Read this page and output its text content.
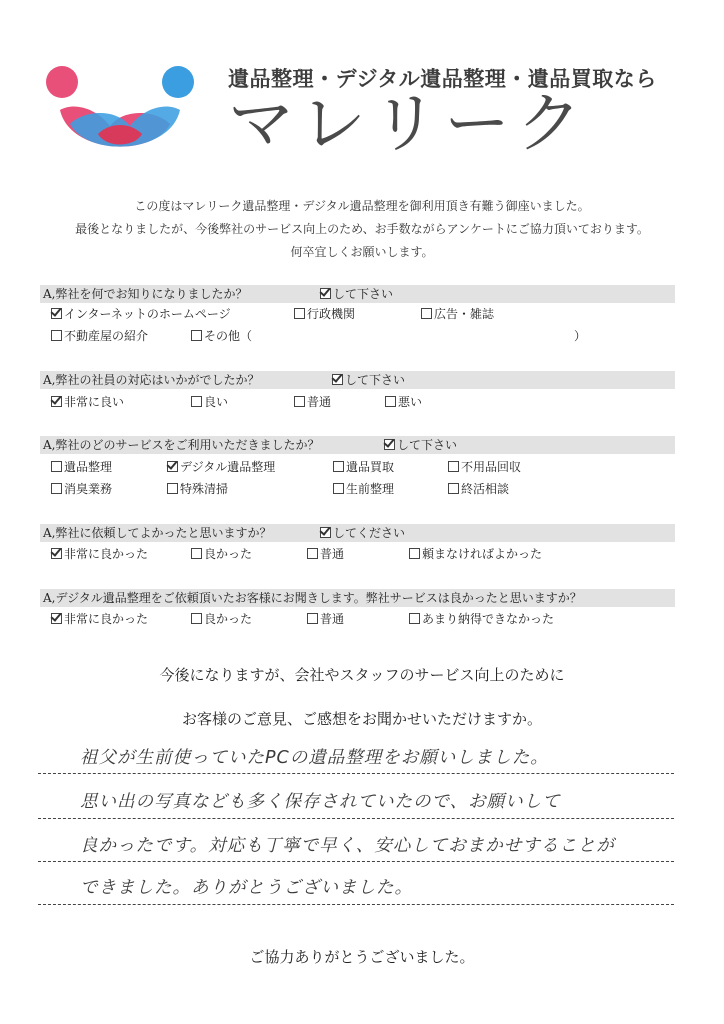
遺品整理・デジタル遺品整理・遺品買取なら
マレリーク
この度はマレリーク遺品整理・デジタル遺品整理を御利用頂き有難う御座いました。
最後となりましたが、今後弊社のサービス向上のため、お手数ながらアンケートにご協力頂いております。
何卒宜しくお願いします。
A,弊社を何でお知りになりましたか？	して下さい
インターネットのホームページ	行政機関	広告・雑誌
不動産屋の紹介	その他（	）
A,弊社の社員の対応はいかがでしたか？	して下さい
非常に良い	良い	普通	悪い
A,弊社のどのサービスをご利用いただきましたか？	して下さい
遺品整理	デジタル遺品整理	遺品買取	不用品回収
消臭業務	特殊清掃	生前整理	終活相談
A,弊社に依頼してよかったと思いますか？	してください
非常に良かった	良かった	普通	頼まなければよかった
A,デジタル遺品整理をご依頼頂いたお客様にお聞きします。弊社サービスは良かったと思いますか？
非常に良かった	良かった	普通	あまり納得できなかった
今後になりますが、会社やスタッフのサービス向上のために
お客様のご意見、ご感想をお聞かせいただけますか。
祖父が生前使っていたPCの遺品整理をお願いしました。
思い出の写真なども多く保存されていたので、お願いして
良かったです。対応も丁寧で早く、安心しておまかせすることが
できました。ありがとうございました。
ご協力ありがとうございました。
